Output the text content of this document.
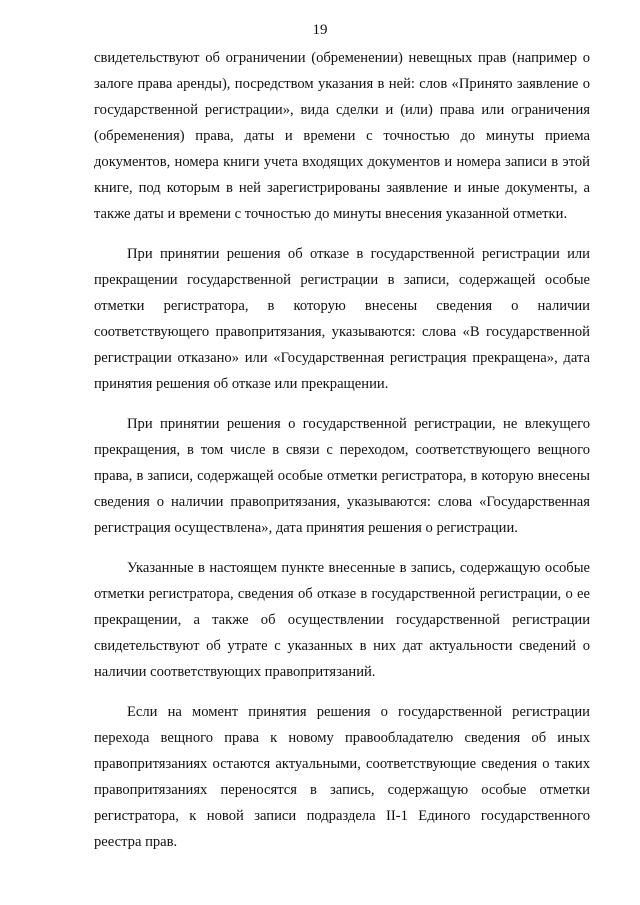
19

свидетельствуют об ограничении (обременении) невещных прав (например о залоге права аренды), посредством указания в ней: слов «Принято заявление о государственной регистрации», вида сделки и (или) права или ограничения (обременения) права, даты и времени с точностью до минуты приема документов, номера книги учета входящих документов и номера записи в этой книге, под которым в ней зарегистрированы заявление и иные документы, а также даты и времени с точностью до минуты внесения указанной отметки.

При принятии решения об отказе в государственной регистрации или прекращении государственной регистрации в записи, содержащей особые отметки регистратора, в которую внесены сведения о наличии соответствующего правопритязания, указываются: слова «В государственной регистрации отказано» или «Государственная регистрация прекращена», дата принятия решения об отказе или прекращении.

При принятии решения о государственной регистрации, не влекущего прекращения, в том числе в связи с переходом, соответствующего вещного права, в записи, содержащей особые отметки регистратора, в которую внесены сведения о наличии правопритязания, указываются: слова «Государственная регистрация осуществлена», дата принятия решения о регистрации.

Указанные в настоящем пункте внесенные в запись, содержащую особые отметки регистратора, сведения об отказе в государственной регистрации, о ее прекращении, а также об осуществлении государственной регистрации свидетельствуют об утрате с указанных в них дат актуальности сведений о наличии соответствующих правопритязаний.

Если на момент принятия решения о государственной регистрации перехода вещного права к новому правообладателю сведения об иных правопритязаниях остаются актуальными, соответствующие сведения о таких правопритязаниях переносятся в запись, содержащую особые отметки регистратора, к новой записи подраздела II-1 Единого государственного реестра прав.
